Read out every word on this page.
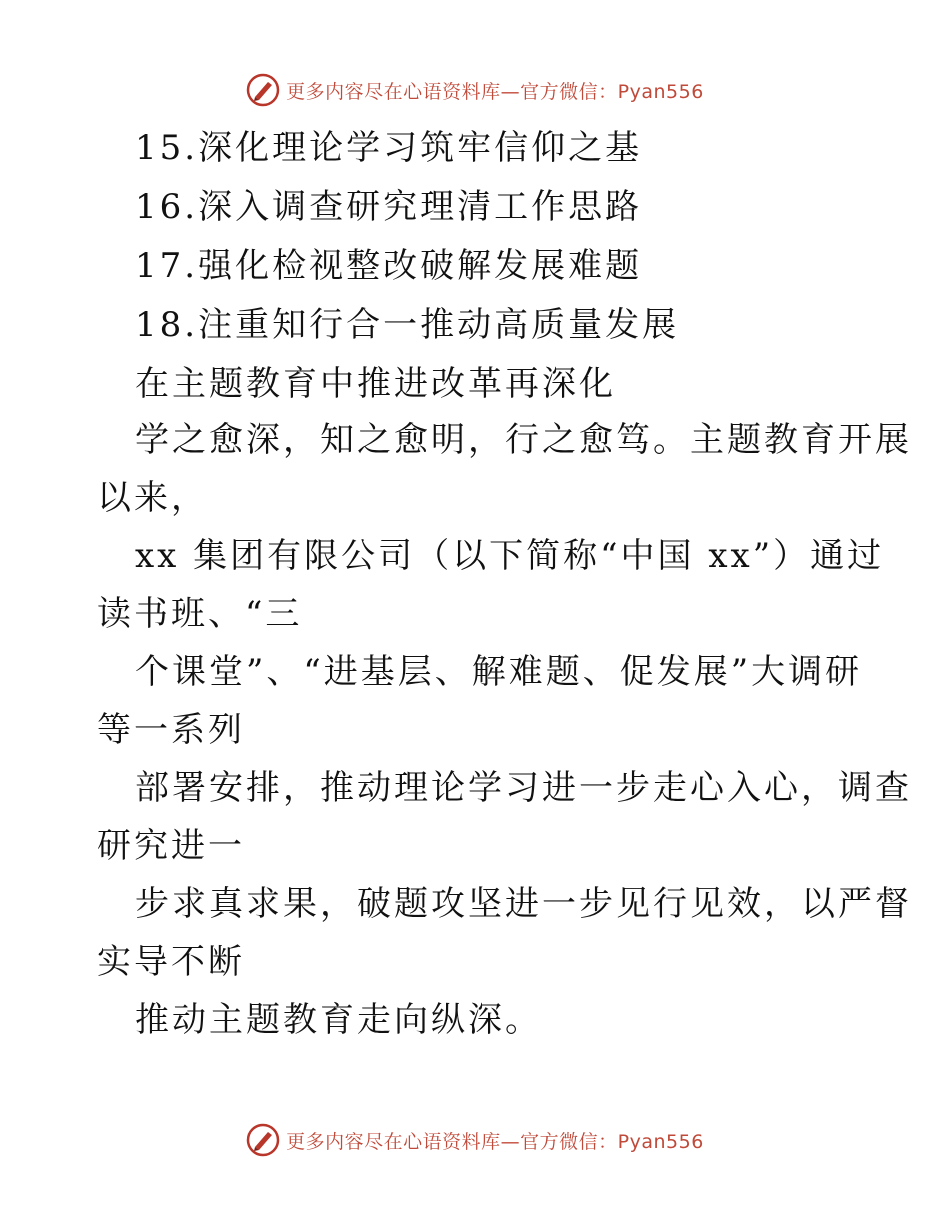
更多内容尽在心语资料库—官方微信：Pyan556
15.深化理论学习筑牢信仰之基
16.深入调查研究理清工作思路
17.强化检视整改破解发展难题
18.注重知行合一推动高质量发展
在主题教育中推进改革再深化
学之愈深，知之愈明，行之愈笃。主题教育开展
以来，
xx 集团有限公司（以下简称“中国 xx”）通过
读书班、“三
个课堂”、“进基层、解难题、促发展”大调研
等一系列
部署安排，推动理论学习进一步走心入心，调查
研究进一
步求真求果，破题攻坚进一步见行见效，以严督
实导不断
推动主题教育走向纵深。
更多内容尽在心语资料库—官方微信：Pyan556
